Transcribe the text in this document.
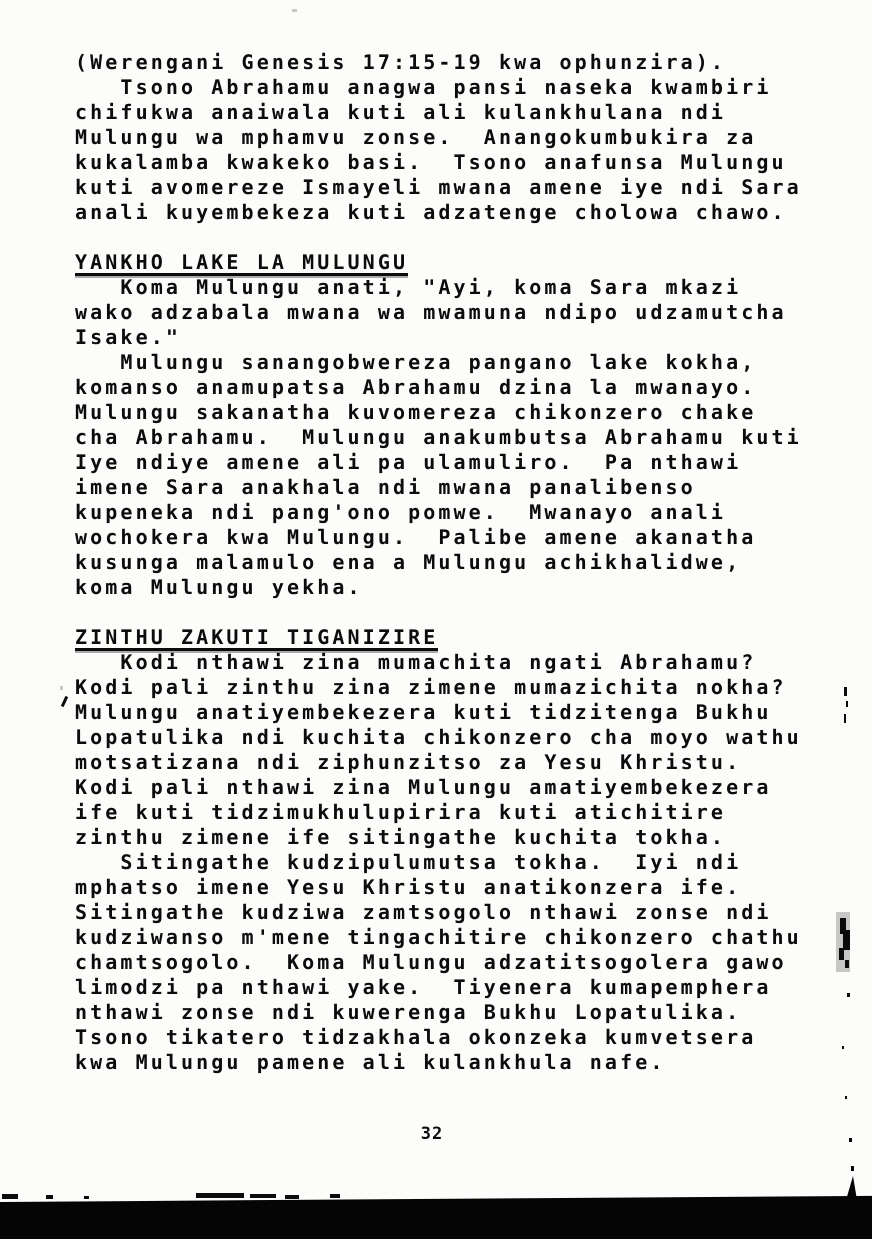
(Werengani Genesis 17:15-19 kwa ophunzira).
Tsono Abrahamu anagwa pansi naseka kwambiri
chifukwa anaiwala kuti ali kulankhulana ndi
Mulungu wa mphamvu zonse.  Anangokumbukira za
kukalamba kwakeko basi.  Tsono anafunsa Mulungu
kuti avomereze Ismayeli mwana amene iye ndi Sara
anali kuyembekeza kuti adzatenge cholowa chawo.
YANKHO LAKE LA MULUNGU
Koma Mulungu anati, "Ayi, koma Sara mkazi
wako adzabala mwana wa mwamuna ndipo udzamutcha
Isake."
Mulungu sanangobwereza pangano lake kokha,
komanso anamupatsa Abrahamu dzina la mwanayo.
Mulungu sakanatha kuvomereza chikonzero chake
cha Abrahamu.  Mulungu anakumbutsa Abrahamu kuti
Iye ndiye amene ali pa ulamuliro.  Pa nthawi
imene Sara anakhala ndi mwana panalibenso
kupeneka ndi pang'ono pomwe.  Mwanayo anali
wochokera kwa Mulungu.  Palibe amene akanatha
kusunga malamulo ena a Mulungu achikhalidwe,
koma Mulungu yekha.
ZINTHU ZAKUTI TIGANIZIRE
Kodi nthawi zina mumachita ngati Abrahamu?
Kodi pali zinthu zina zimene mumazichita nokha?
Mulungu anatiyembekezera kuti tidzitenga Bukhu
Lopatulika ndi kuchita chikonzero cha moyo wathu
motsatizana ndi ziphunzitso za Yesu Khristu.
Kodi pali nthawi zina Mulungu amatiyembekezera
ife kuti tidzimukhulupirira kuti atichitire
zinthu zimene ife sitingathe kuchita tokha.
Sitingathe kudzipulumutsa tokha.  Iyi ndi
mphatso imene Yesu Khristu anatikonzera ife.
Sitingathe kudziwa zamtsogolo nthawi zonse ndi
kudziwanso m'mene tingachitire chikonzero chathu
chamtsogolo.  Koma Mulungu adzatitsogolera gawo
limodzi pa nthawi yake.  Tiyenera kumapemphera
nthawi zonse ndi kuwerenga Bukhu Lopatulika.
Tsono tikatero tidzakhala okonzeka kumvetsera
kwa Mulungu pamene ali kulankhula nafe.
32
